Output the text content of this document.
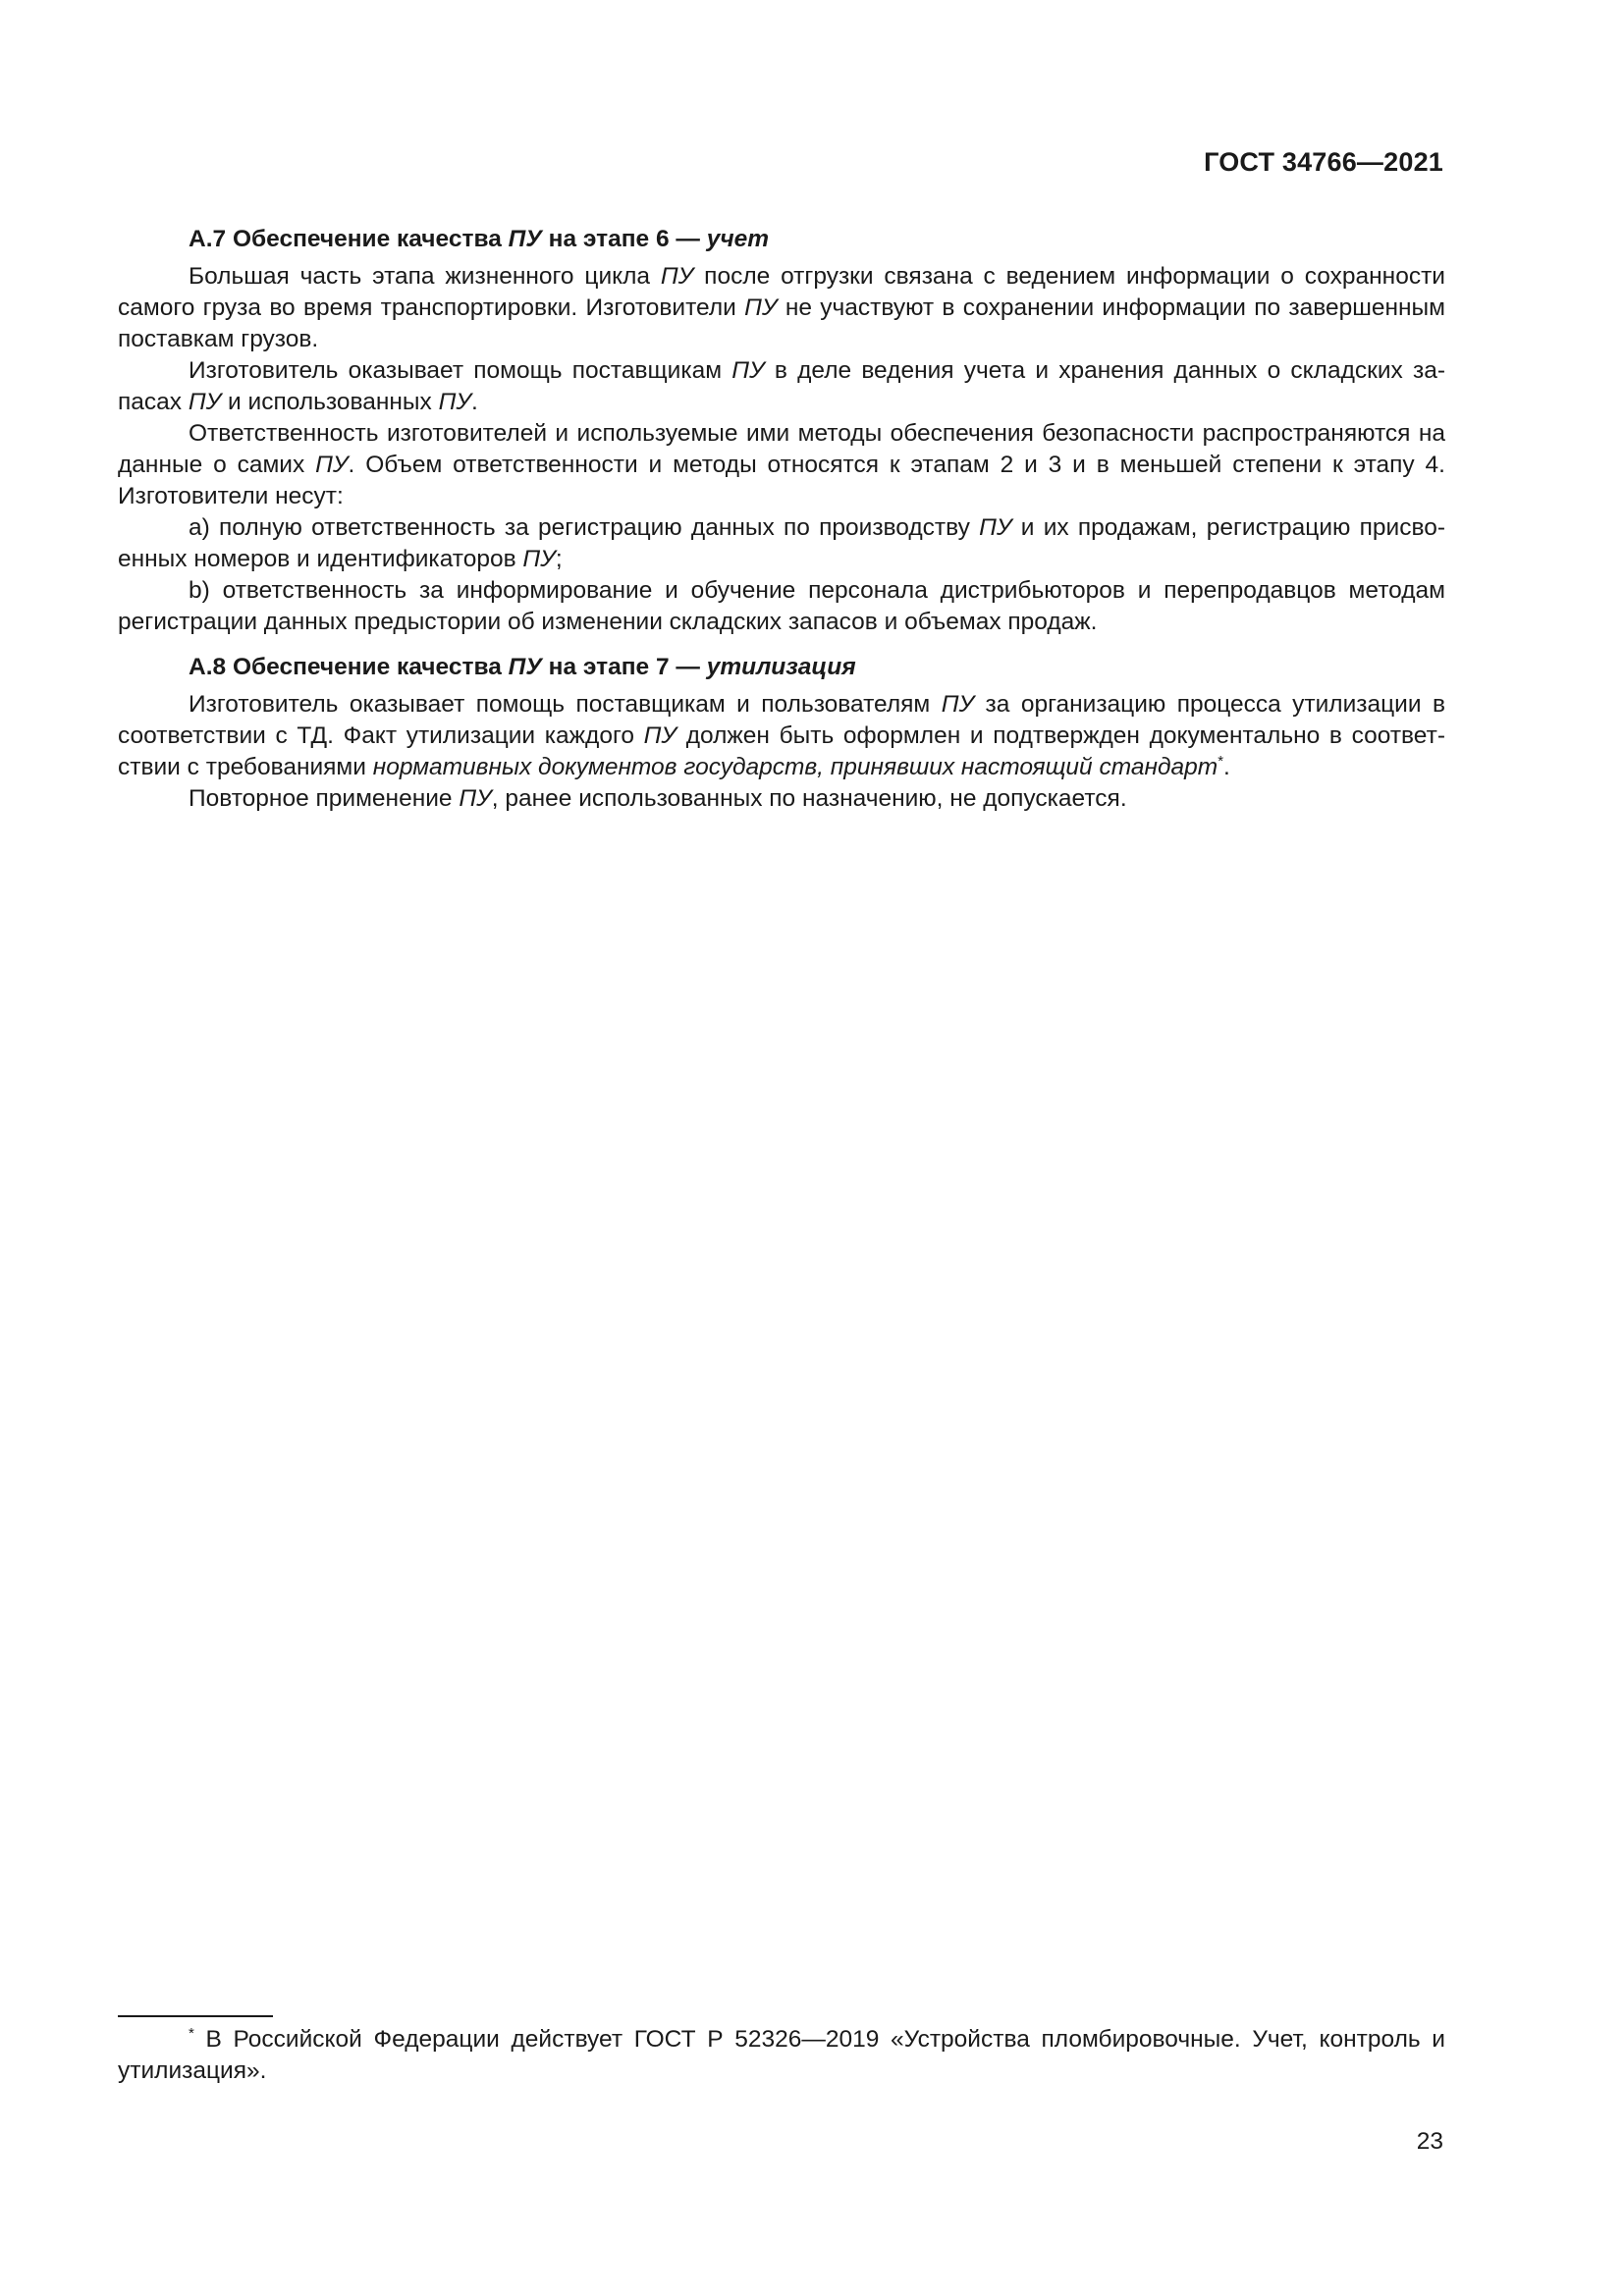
ГОСТ 34766—2021
А.7 Обеспечение качества ПУ на этапе 6 — учет

Большая часть этапа жизненного цикла ПУ после отгрузки связана с ведением информации о сохранности самого груза во время транспортировки. Изготовители ПУ не участвуют в сохранении информации по завершенным поставкам грузов.

Изготовитель оказывает помощь поставщикам ПУ в деле ведения учета и хранения данных о складских запасах ПУ и использованных ПУ.

Ответственность изготовителей и используемые ими методы обеспечения безопасности распространяются на данные о самих ПУ. Объем ответственности и методы относятся к этапам 2 и 3 и в меньшей степени к этапу 4. Изготовители несут:

a) полную ответственность за регистрацию данных по производству ПУ и их продажам, регистрацию присвоенных номеров и идентификаторов ПУ;

b) ответственность за информирование и обучение персонала дистрибьюторов и перепродавцов методам регистрации данных предыстории об изменении складских запасов и объемах продаж.

А.8 Обеспечение качества ПУ на этапе 7 — утилизация

Изготовитель оказывает помощь поставщикам и пользователям ПУ за организацию процесса утилизации в соответствии с ТД. Факт утилизации каждого ПУ должен быть оформлен и подтвержден документально в соответствии с требованиями нормативных документов государств, принявших настоящий стандарт*.

Повторное применение ПУ, ранее использованных по назначению, не допускается.

* В Российской Федерации действует ГОСТ Р 52326—2019 «Устройства пломбировочные. Учет, контроль и утилизация».
23
